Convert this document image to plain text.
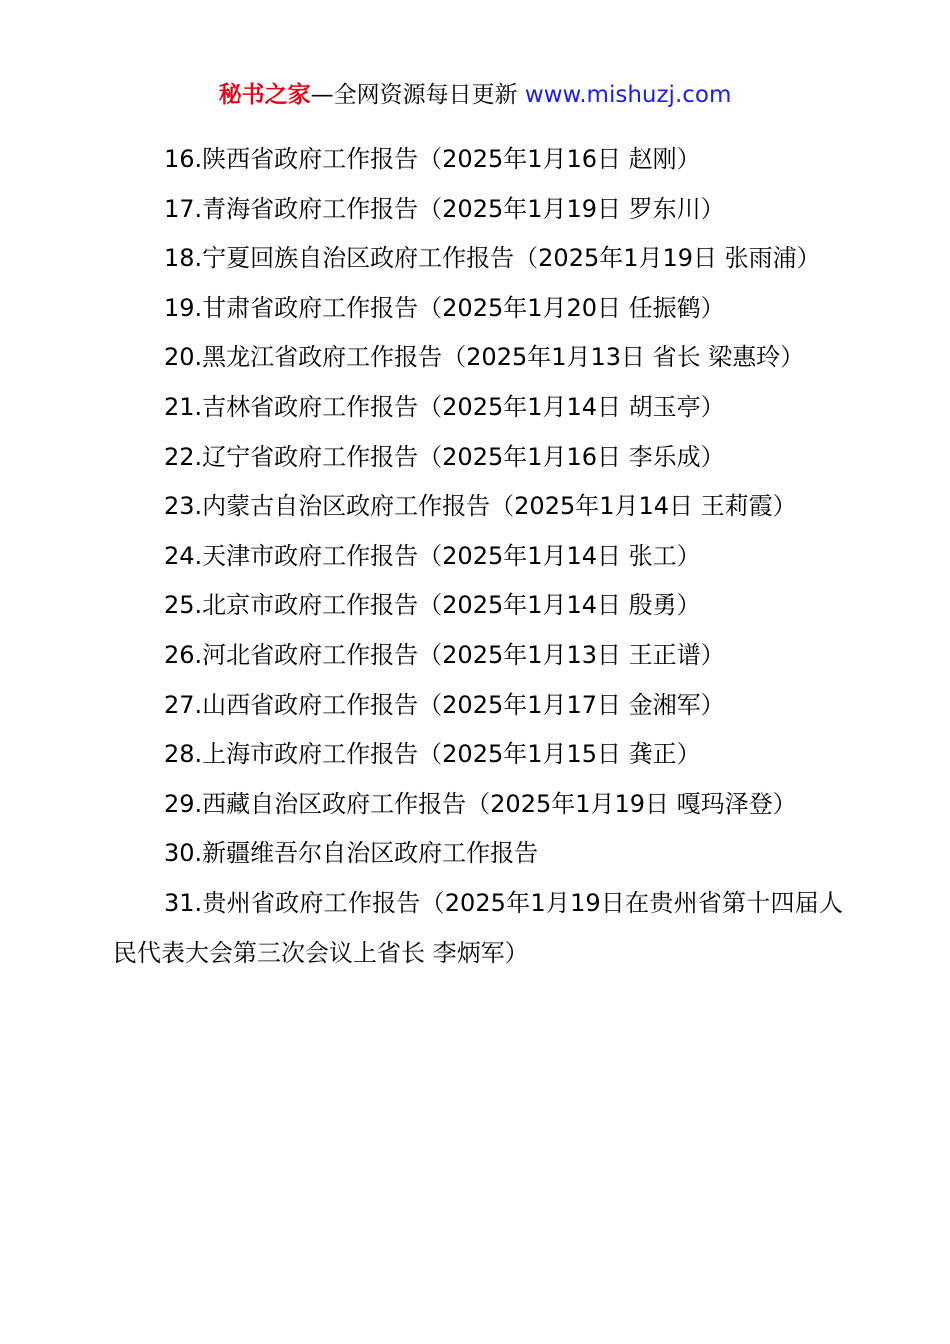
秘书之家—全网资源每日更新 www.mishuzj.com

16.陕西省政府工作报告（2025年1月16日 赵刚）

17.青海省政府工作报告（2025年1月19日 罗东川）

18.宁夏回族自治区政府工作报告（2025年1月19日 张雨浦）

19.甘肃省政府工作报告（2025年1月20日 任振鹤）

20.黑龙江省政府工作报告（2025年1月13日 省长 梁惠玲）

21.吉林省政府工作报告（2025年1月14日 胡玉亭）

22.辽宁省政府工作报告（2025年1月16日 李乐成）

23.内蒙古自治区政府工作报告（2025年1月14日 王莉霞）

24.天津市政府工作报告（2025年1月14日 张工）

25.北京市政府工作报告（2025年1月14日 殷勇）

26.河北省政府工作报告（2025年1月13日 王正谱）

27.山西省政府工作报告（2025年1月17日 金湘军）

28.上海市政府工作报告（2025年1月15日 龚正）

29.西藏自治区政府工作报告（2025年1月19日 嘎玛泽登）

30.新疆维吾尔自治区政府工作报告

31.贵州省政府工作报告（2025年1月19日在贵州省第十四届人民代表大会第三次会议上省长 李炳军）
